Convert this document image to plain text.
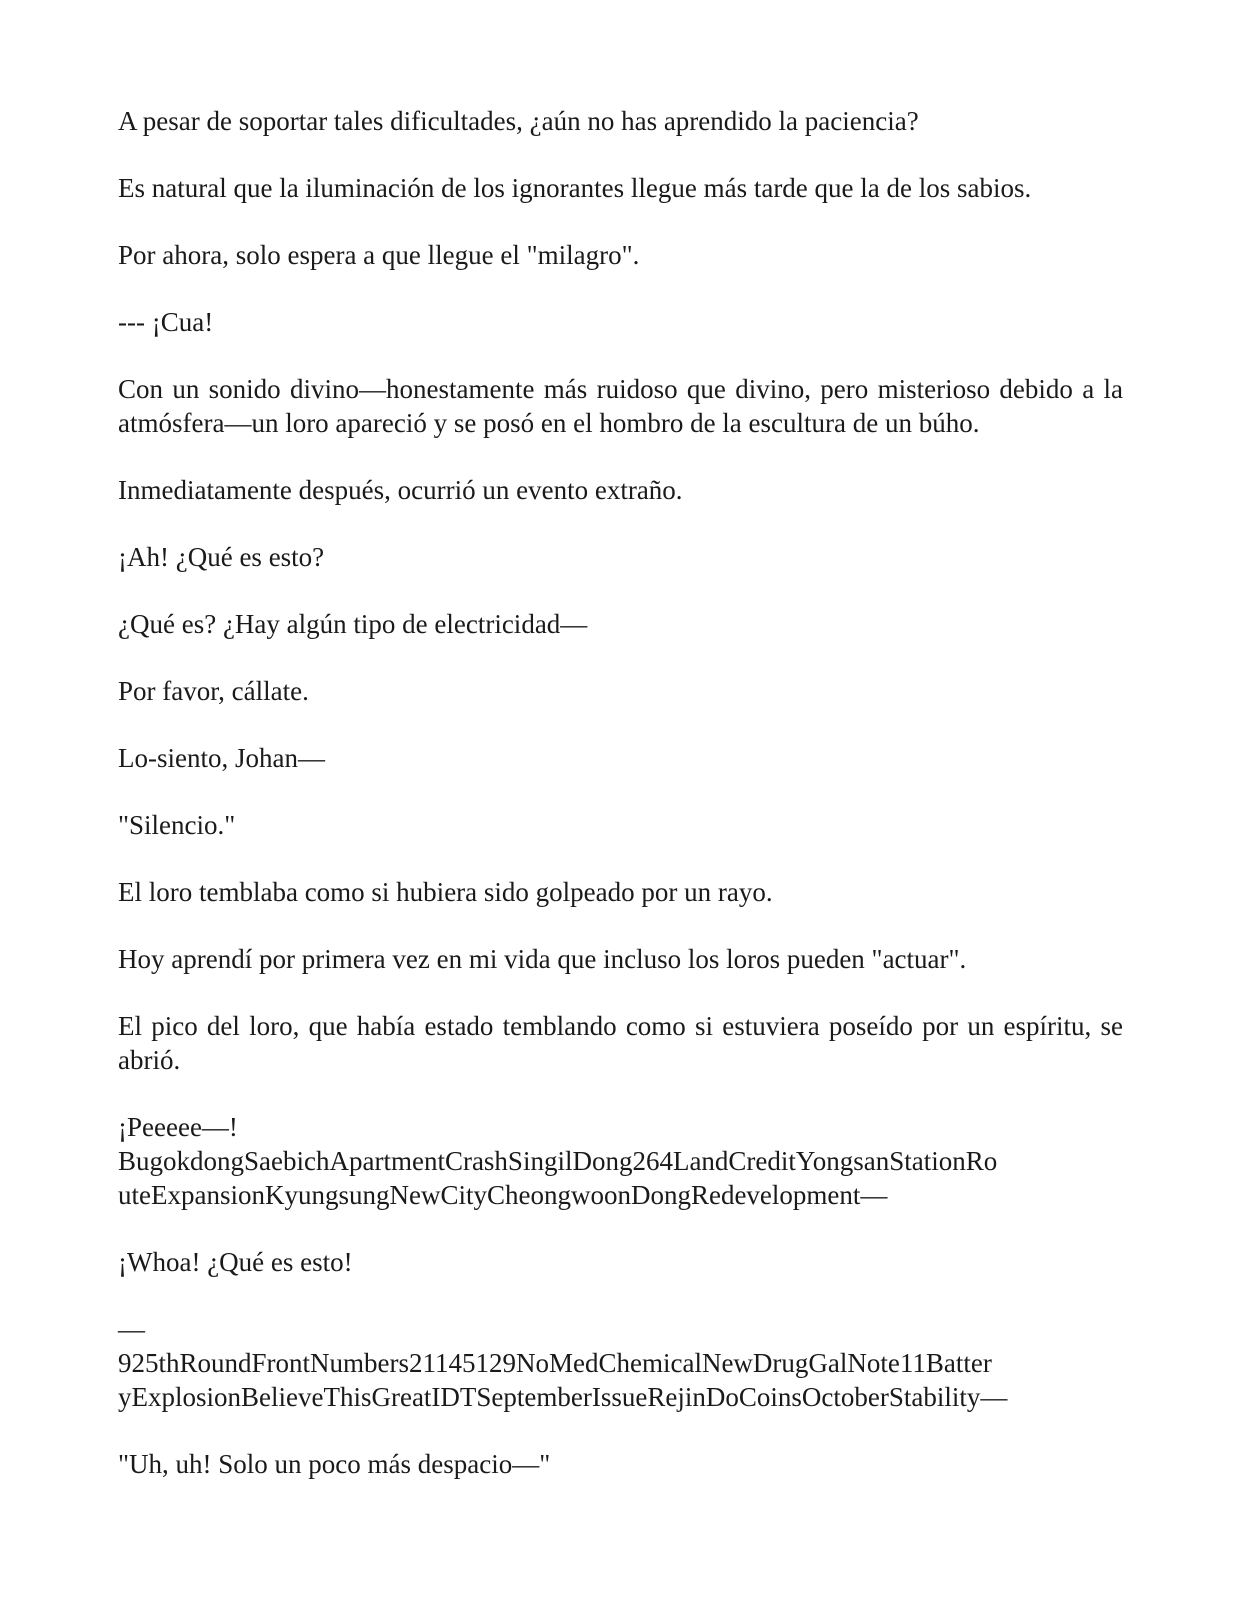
A pesar de soportar tales dificultades, ¿aún no has aprendido la paciencia?

Es natural que la iluminación de los ignorantes llegue más tarde que la de los sabios.

Por ahora, solo espera a que llegue el "milagro".

--- ¡Cua!

Con un sonido divino—honestamente más ruidoso que divino, pero misterioso debido a la atmósfera—un loro apareció y se posó en el hombro de la escultura de un búho.

Inmediatamente después, ocurrió un evento extraño.

¡Ah! ¿Qué es esto?

¿Qué es? ¿Hay algún tipo de electricidad—

Por favor, cállate.

Lo-siento, Johan—

"Silencio."

El loro temblaba como si hubiera sido golpeado por un rayo.

Hoy aprendí por primera vez en mi vida que incluso los loros pueden "actuar".

El pico del loro, que había estado temblando como si estuviera poseído por un espíritu, se abrió.

¡Peeeee—!
BugokdongSaebichApartmentCrashSingilDong264LandCreditYongsanStationRo
uteExpansionKyungsungNewCityCheongwoonDongRedevelopment—

¡Whoa! ¿Qué es esto!

—
925thRoundFrontNumbers21145129NoMedChemicalNewDrugGalNote11Batter
yExplosionBelieveThisGreatIDTSeptemberIssueRejinDoCoinsOctoberStability—

"Uh, uh! Solo un poco más despacio—"
